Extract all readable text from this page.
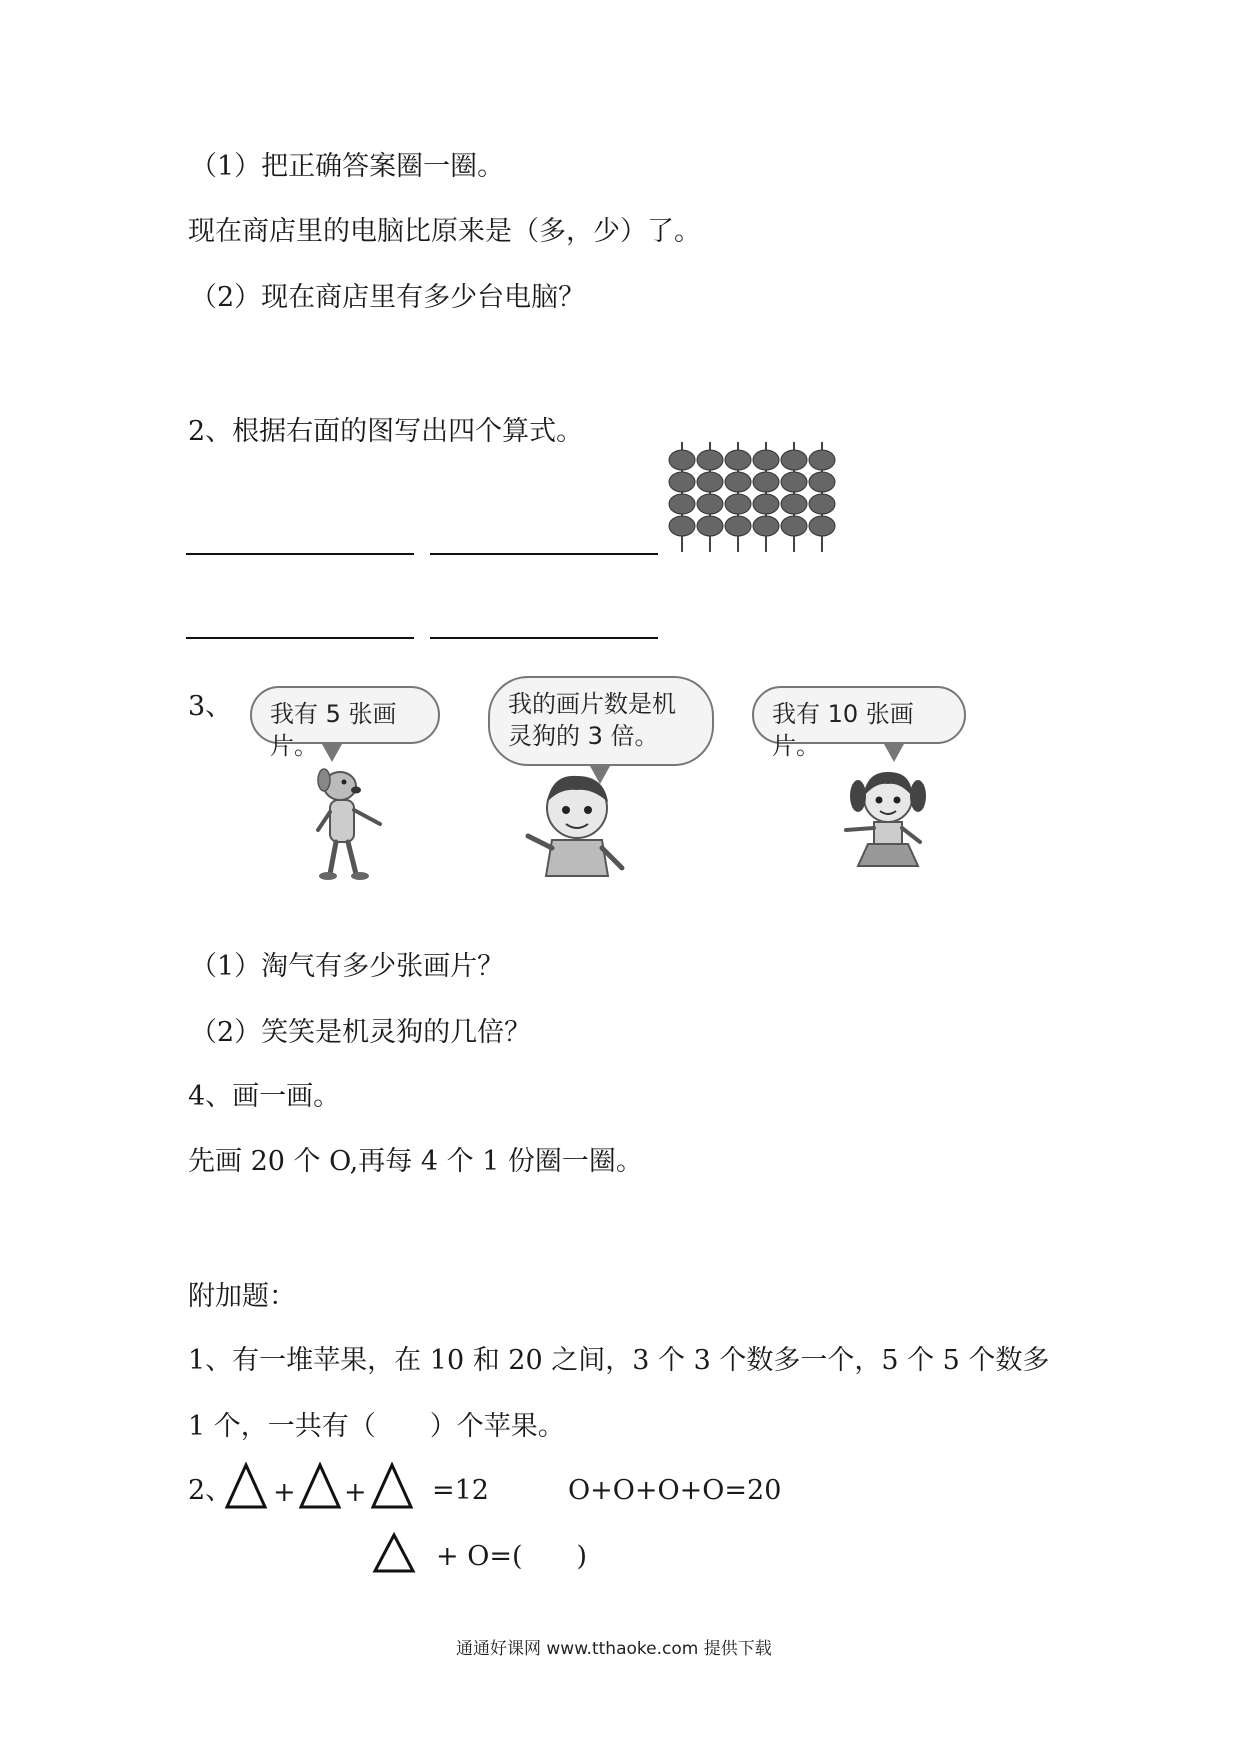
（1）把正确答案圈一圈。
现在商店里的电脑比原来是（多，少）了。
（2）现在商店里有多少台电脑？
2、根据右面的图写出四个算式。
3、	我有 5 张画片。
我的画片数是机
灵狗的 3 倍。
我有 10 张画片。
（1）淘气有多少张画片？
（2）笑笑是机灵狗的几倍？
4、画一画。
先画 20 个 O,再每 4 个 1 份圈一圈。
附加题：
1、有一堆苹果，在 10 和 20 之间，3 个 3 个数多一个，5 个 5 个数多
1 个，一共有（　　）个苹果。
2、 + + =12	O+O+O+O=20
+ O=(　　)
通通好课网 www.tthaoke.com 提供下载
